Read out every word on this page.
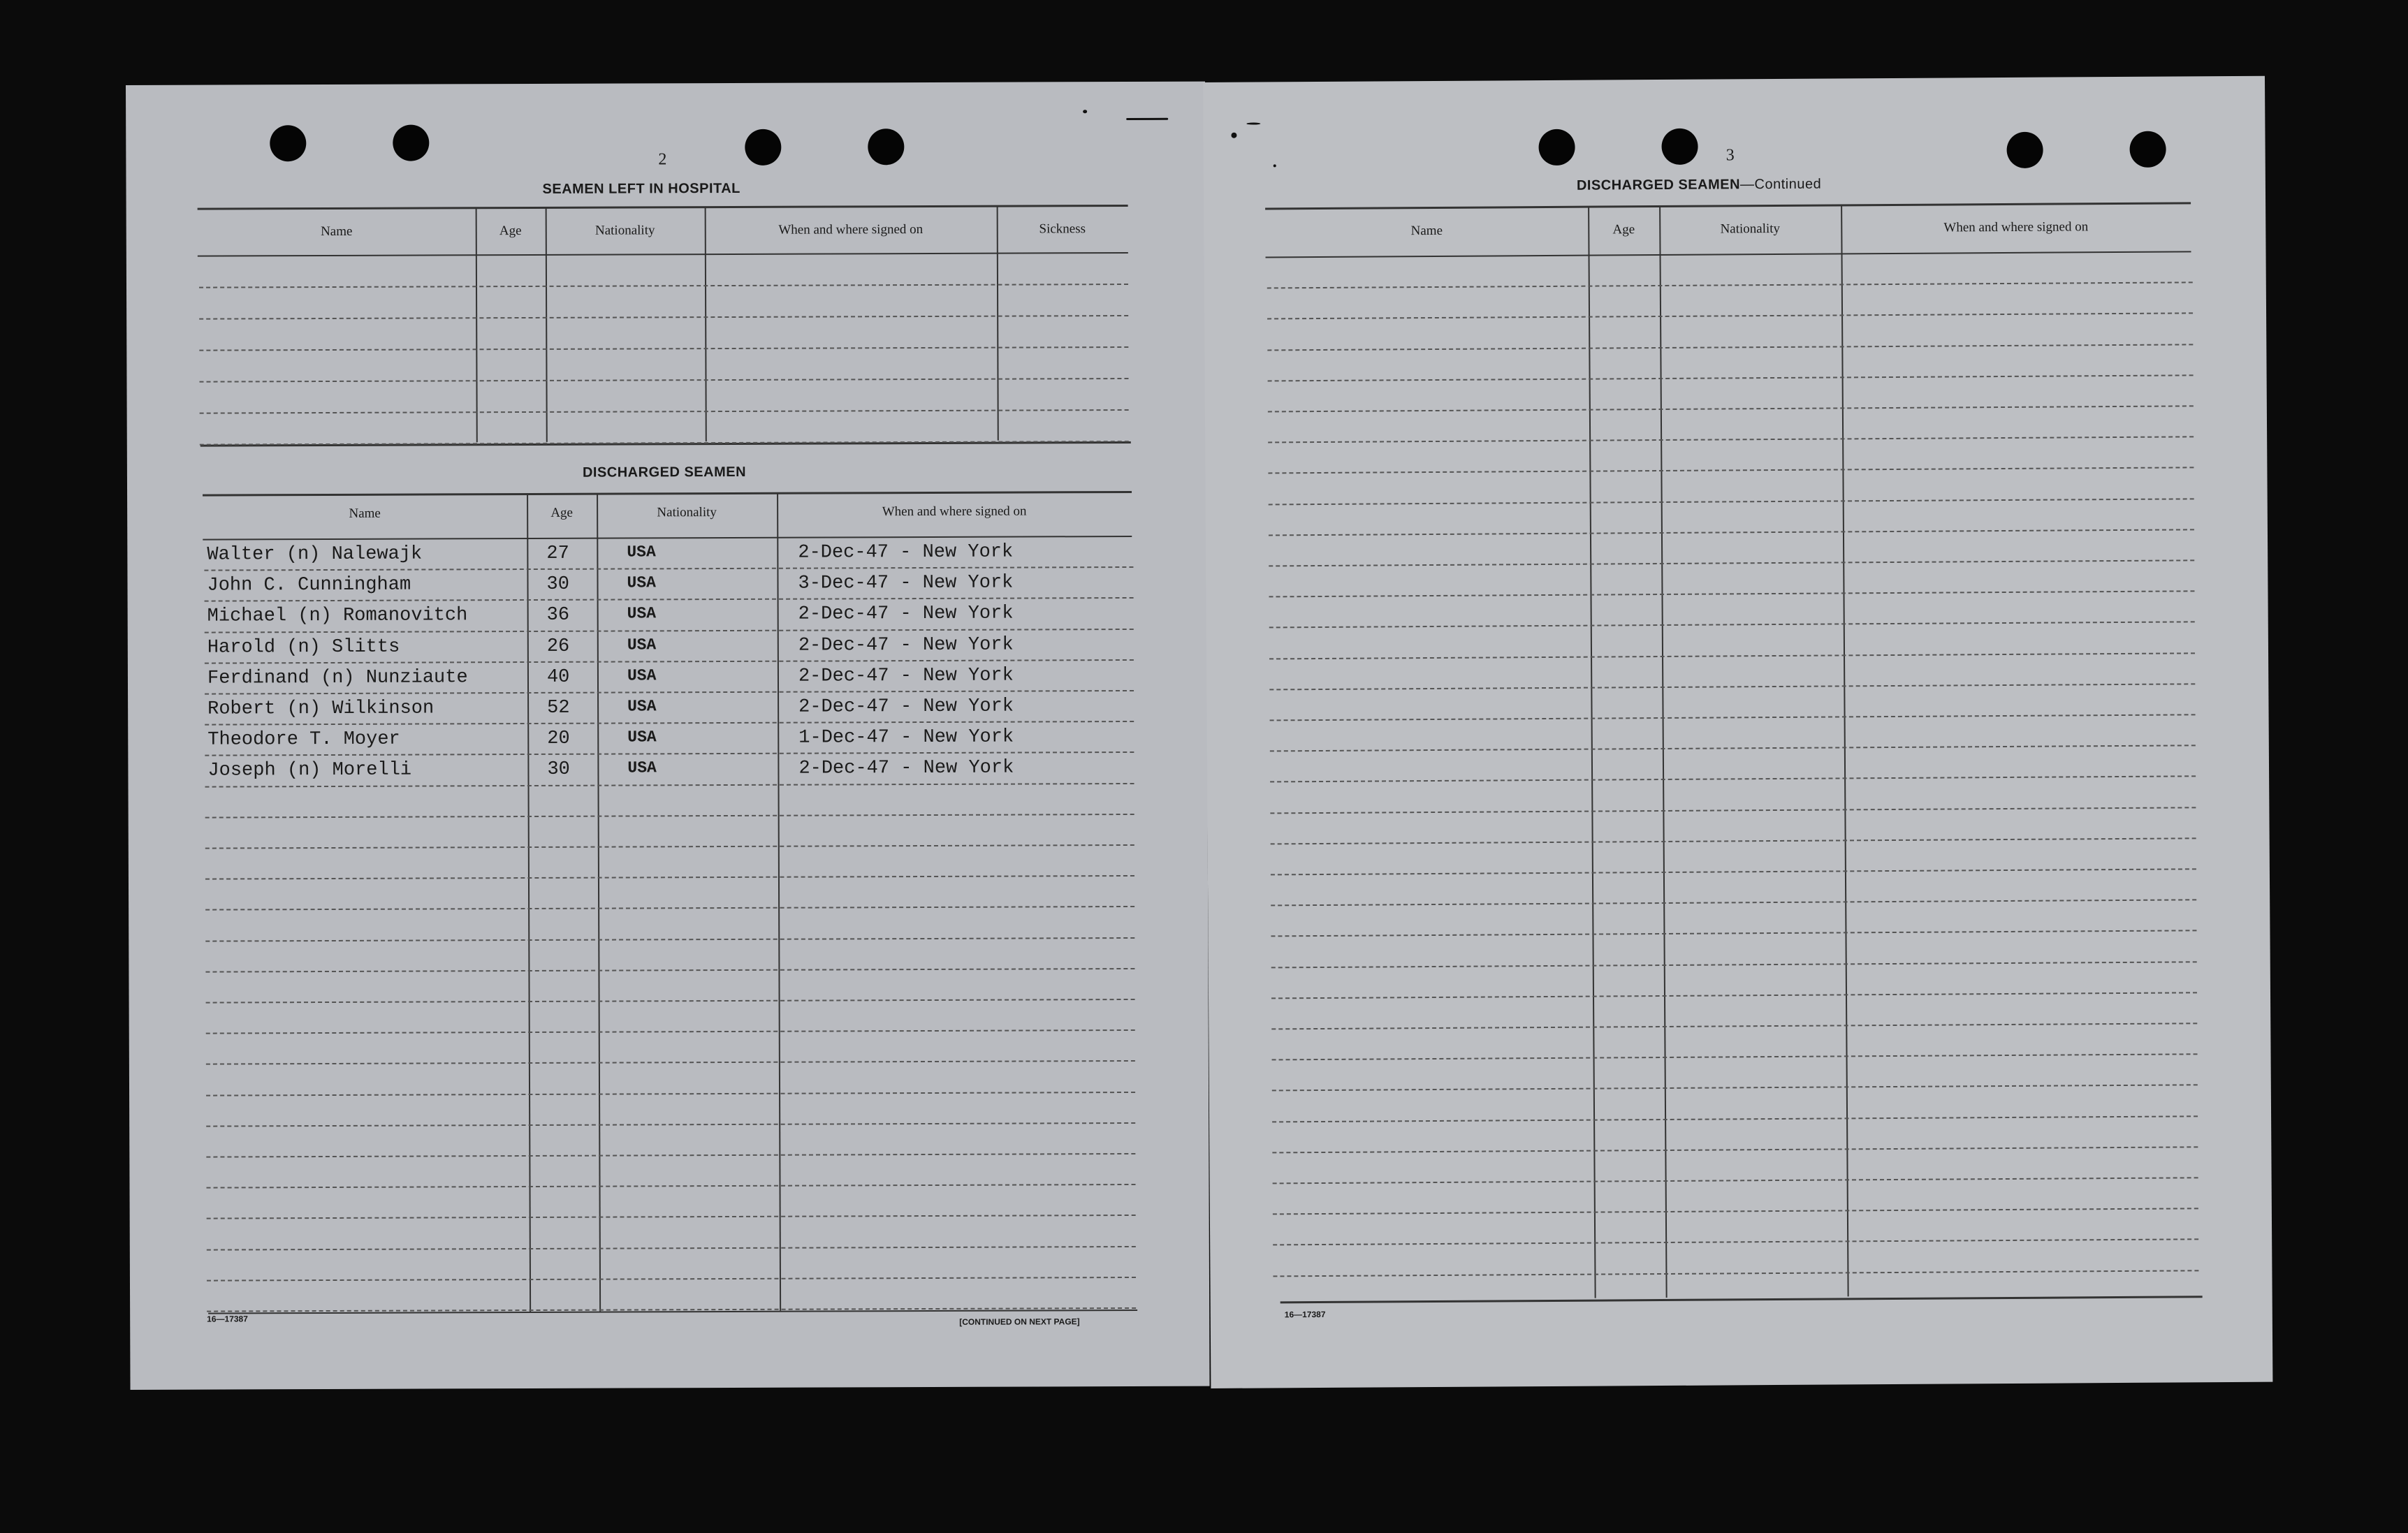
2
SEAMEN LEFT IN HOSPITAL
DISCHARGED SEAMEN
16—17387	[CONTINUED ON NEXT PAGE]
Name	Age	Nationality	When and where signed on	Sickness
Name	Age	Nationality	When and where signed on
Walter (n) Nalewajk	27	USA	2-Dec-47 - New York
John C. Cunningham	30	USA	3-Dec-47 - New York
Michael (n) Romanovitch	36	USA	2-Dec-47 - New York
Harold (n) Slitts	26	USA	2-Dec-47 - New York
Ferdinand (n) Nunziaute	40	USA	2-Dec-47 - New York
Robert (n) Wilkinson	52	USA	2-Dec-47 - New York
Theodore T. Moyer	20	USA	1-Dec-47 - New York
Joseph (n) Morelli	30	USA	2-Dec-47 - New York
3
DISCHARGED SEAMEN—Continued
16—17387
Name	Age	Nationality	When and where signed on
